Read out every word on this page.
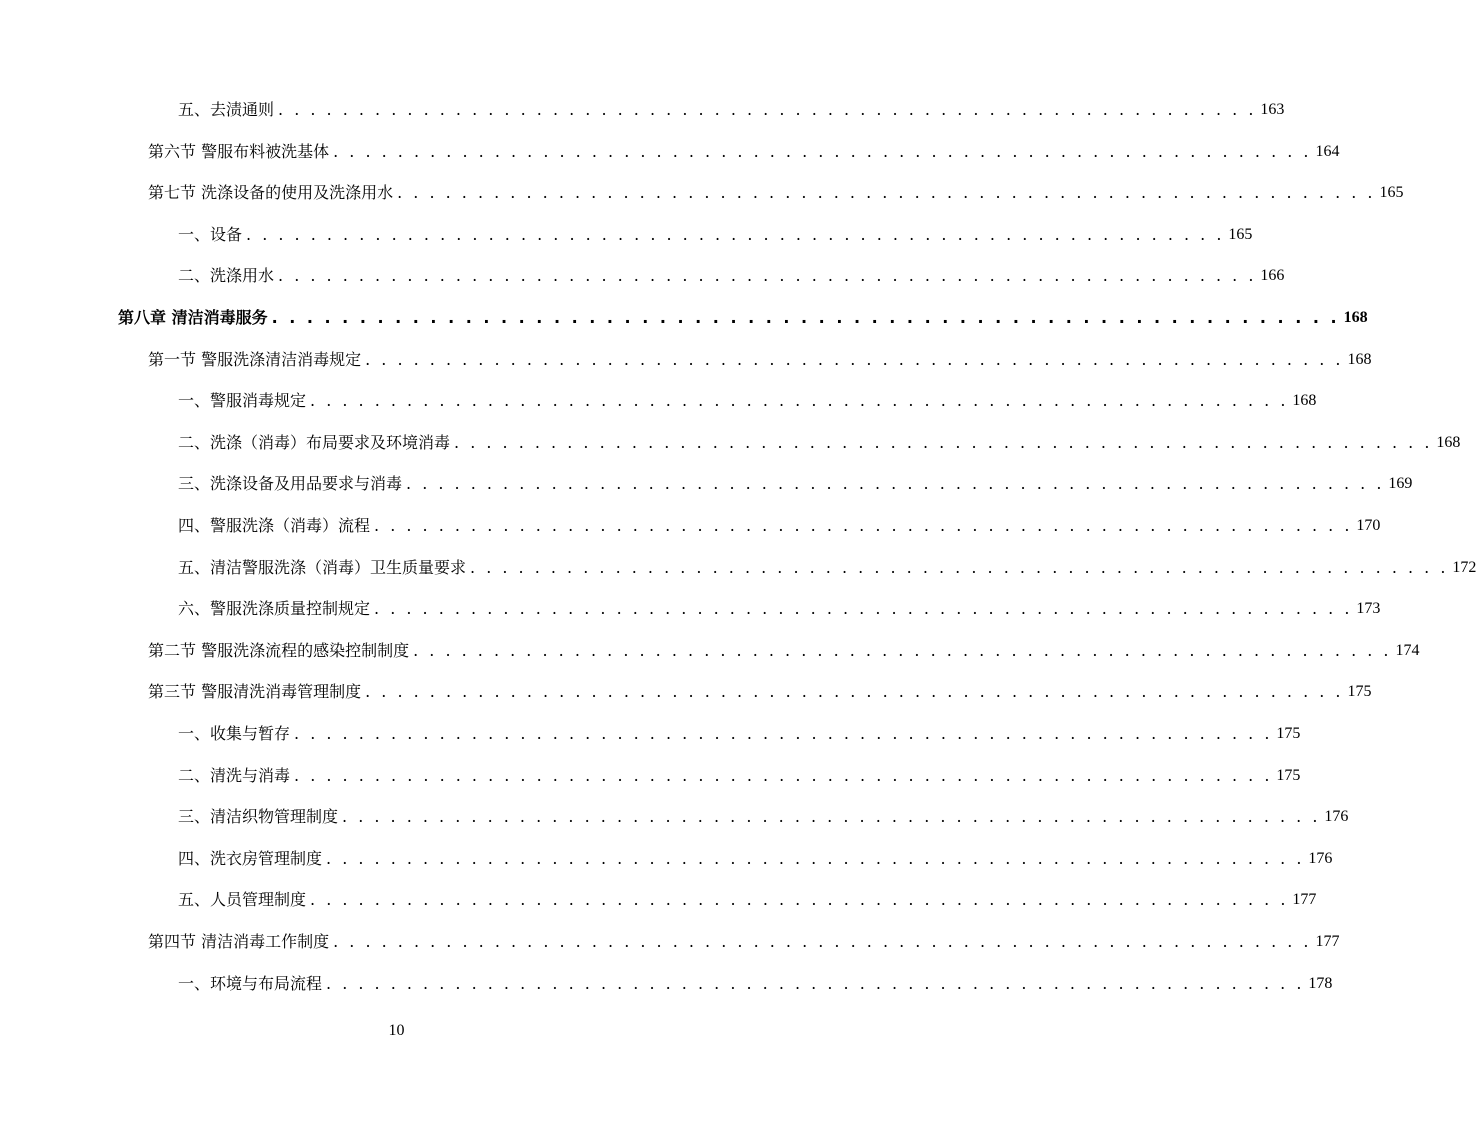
五、去渍通则 . . . . . . . . . . . . . . . . . . . . . . . . . . . . . . . . . . . . . . . . . . . . . . . . . . . . . . . . . . . . . 163
第六节 警服布料被洗基体 . . . . . . . . . . . . . . . . . . . . . . . . . . . . . . . . . . . . . . . . . . . . . . . . . . . . . . . . . . . . . 164
第七节 洗涤设备的使用及洗涤用水 . . . . . . . . . . . . . . . . . . . . . . . . . . . . . . . . . . . . . . . . . . . . . . . . . . . . . . . . . . . . . 165
一、设备 . . . . . . . . . . . . . . . . . . . . . . . . . . . . . . . . . . . . . . . . . . . . . . . . . . . . . . . . . . . . . 165
二、洗涤用水 . . . . . . . . . . . . . . . . . . . . . . . . . . . . . . . . . . . . . . . . . . . . . . . . . . . . . . . . . . . . . 166
第八章 清洁消毒服务 . . . . . . . . . . . . . . . . . . . . . . . . . . . . . . . . . . . . . . . . . . . . . . . . . . . . . . . . . . . . . 168
第一节 警服洗涤清洁消毒规定 . . . . . . . . . . . . . . . . . . . . . . . . . . . . . . . . . . . . . . . . . . . . . . . . . . . . . . . . . . . . . 168
一、警服消毒规定 . . . . . . . . . . . . . . . . . . . . . . . . . . . . . . . . . . . . . . . . . . . . . . . . . . . . . . . . . . . . . 168
二、洗涤（消毒）布局要求及环境消毒 . . . . . . . . . . . . . . . . . . . . . . . . . . . . . . . . . . . . . . . . . . . . . . . . . . . . . . . . . . . . . 168
三、洗涤设备及用品要求与消毒 . . . . . . . . . . . . . . . . . . . . . . . . . . . . . . . . . . . . . . . . . . . . . . . . . . . . . . . . . . . . . 169
四、警服洗涤（消毒）流程 . . . . . . . . . . . . . . . . . . . . . . . . . . . . . . . . . . . . . . . . . . . . . . . . . . . . . . . . . . . . . 170
五、清洁警服洗涤（消毒）卫生质量要求 . . . . . . . . . . . . . . . . . . . . . . . . . . . . . . . . . . . . . . . . . . . . . . . . . . . . . . . . . . . . . 172
六、警服洗涤质量控制规定 . . . . . . . . . . . . . . . . . . . . . . . . . . . . . . . . . . . . . . . . . . . . . . . . . . . . . . . . . . . . . 173
第二节 警服洗涤流程的感染控制制度 . . . . . . . . . . . . . . . . . . . . . . . . . . . . . . . . . . . . . . . . . . . . . . . . . . . . . . . . . . . . . 174
第三节 警服清洗消毒管理制度 . . . . . . . . . . . . . . . . . . . . . . . . . . . . . . . . . . . . . . . . . . . . . . . . . . . . . . . . . . . . . 175
一、收集与暂存 . . . . . . . . . . . . . . . . . . . . . . . . . . . . . . . . . . . . . . . . . . . . . . . . . . . . . . . . . . . . . 175
二、清洗与消毒 . . . . . . . . . . . . . . . . . . . . . . . . . . . . . . . . . . . . . . . . . . . . . . . . . . . . . . . . . . . . . 175
三、清洁织物管理制度 . . . . . . . . . . . . . . . . . . . . . . . . . . . . . . . . . . . . . . . . . . . . . . . . . . . . . . . . . . . . . 176
四、洗衣房管理制度 . . . . . . . . . . . . . . . . . . . . . . . . . . . . . . . . . . . . . . . . . . . . . . . . . . . . . . . . . . . . . 176
五、人员管理制度 . . . . . . . . . . . . . . . . . . . . . . . . . . . . . . . . . . . . . . . . . . . . . . . . . . . . . . . . . . . . . 177
第四节 清洁消毒工作制度 . . . . . . . . . . . . . . . . . . . . . . . . . . . . . . . . . . . . . . . . . . . . . . . . . . . . . . . . . . . . . 177
一、环境与布局流程 . . . . . . . . . . . . . . . . . . . . . . . . . . . . . . . . . . . . . . . . . . . . . . . . . . . . . . . . . . . . . 178
10
